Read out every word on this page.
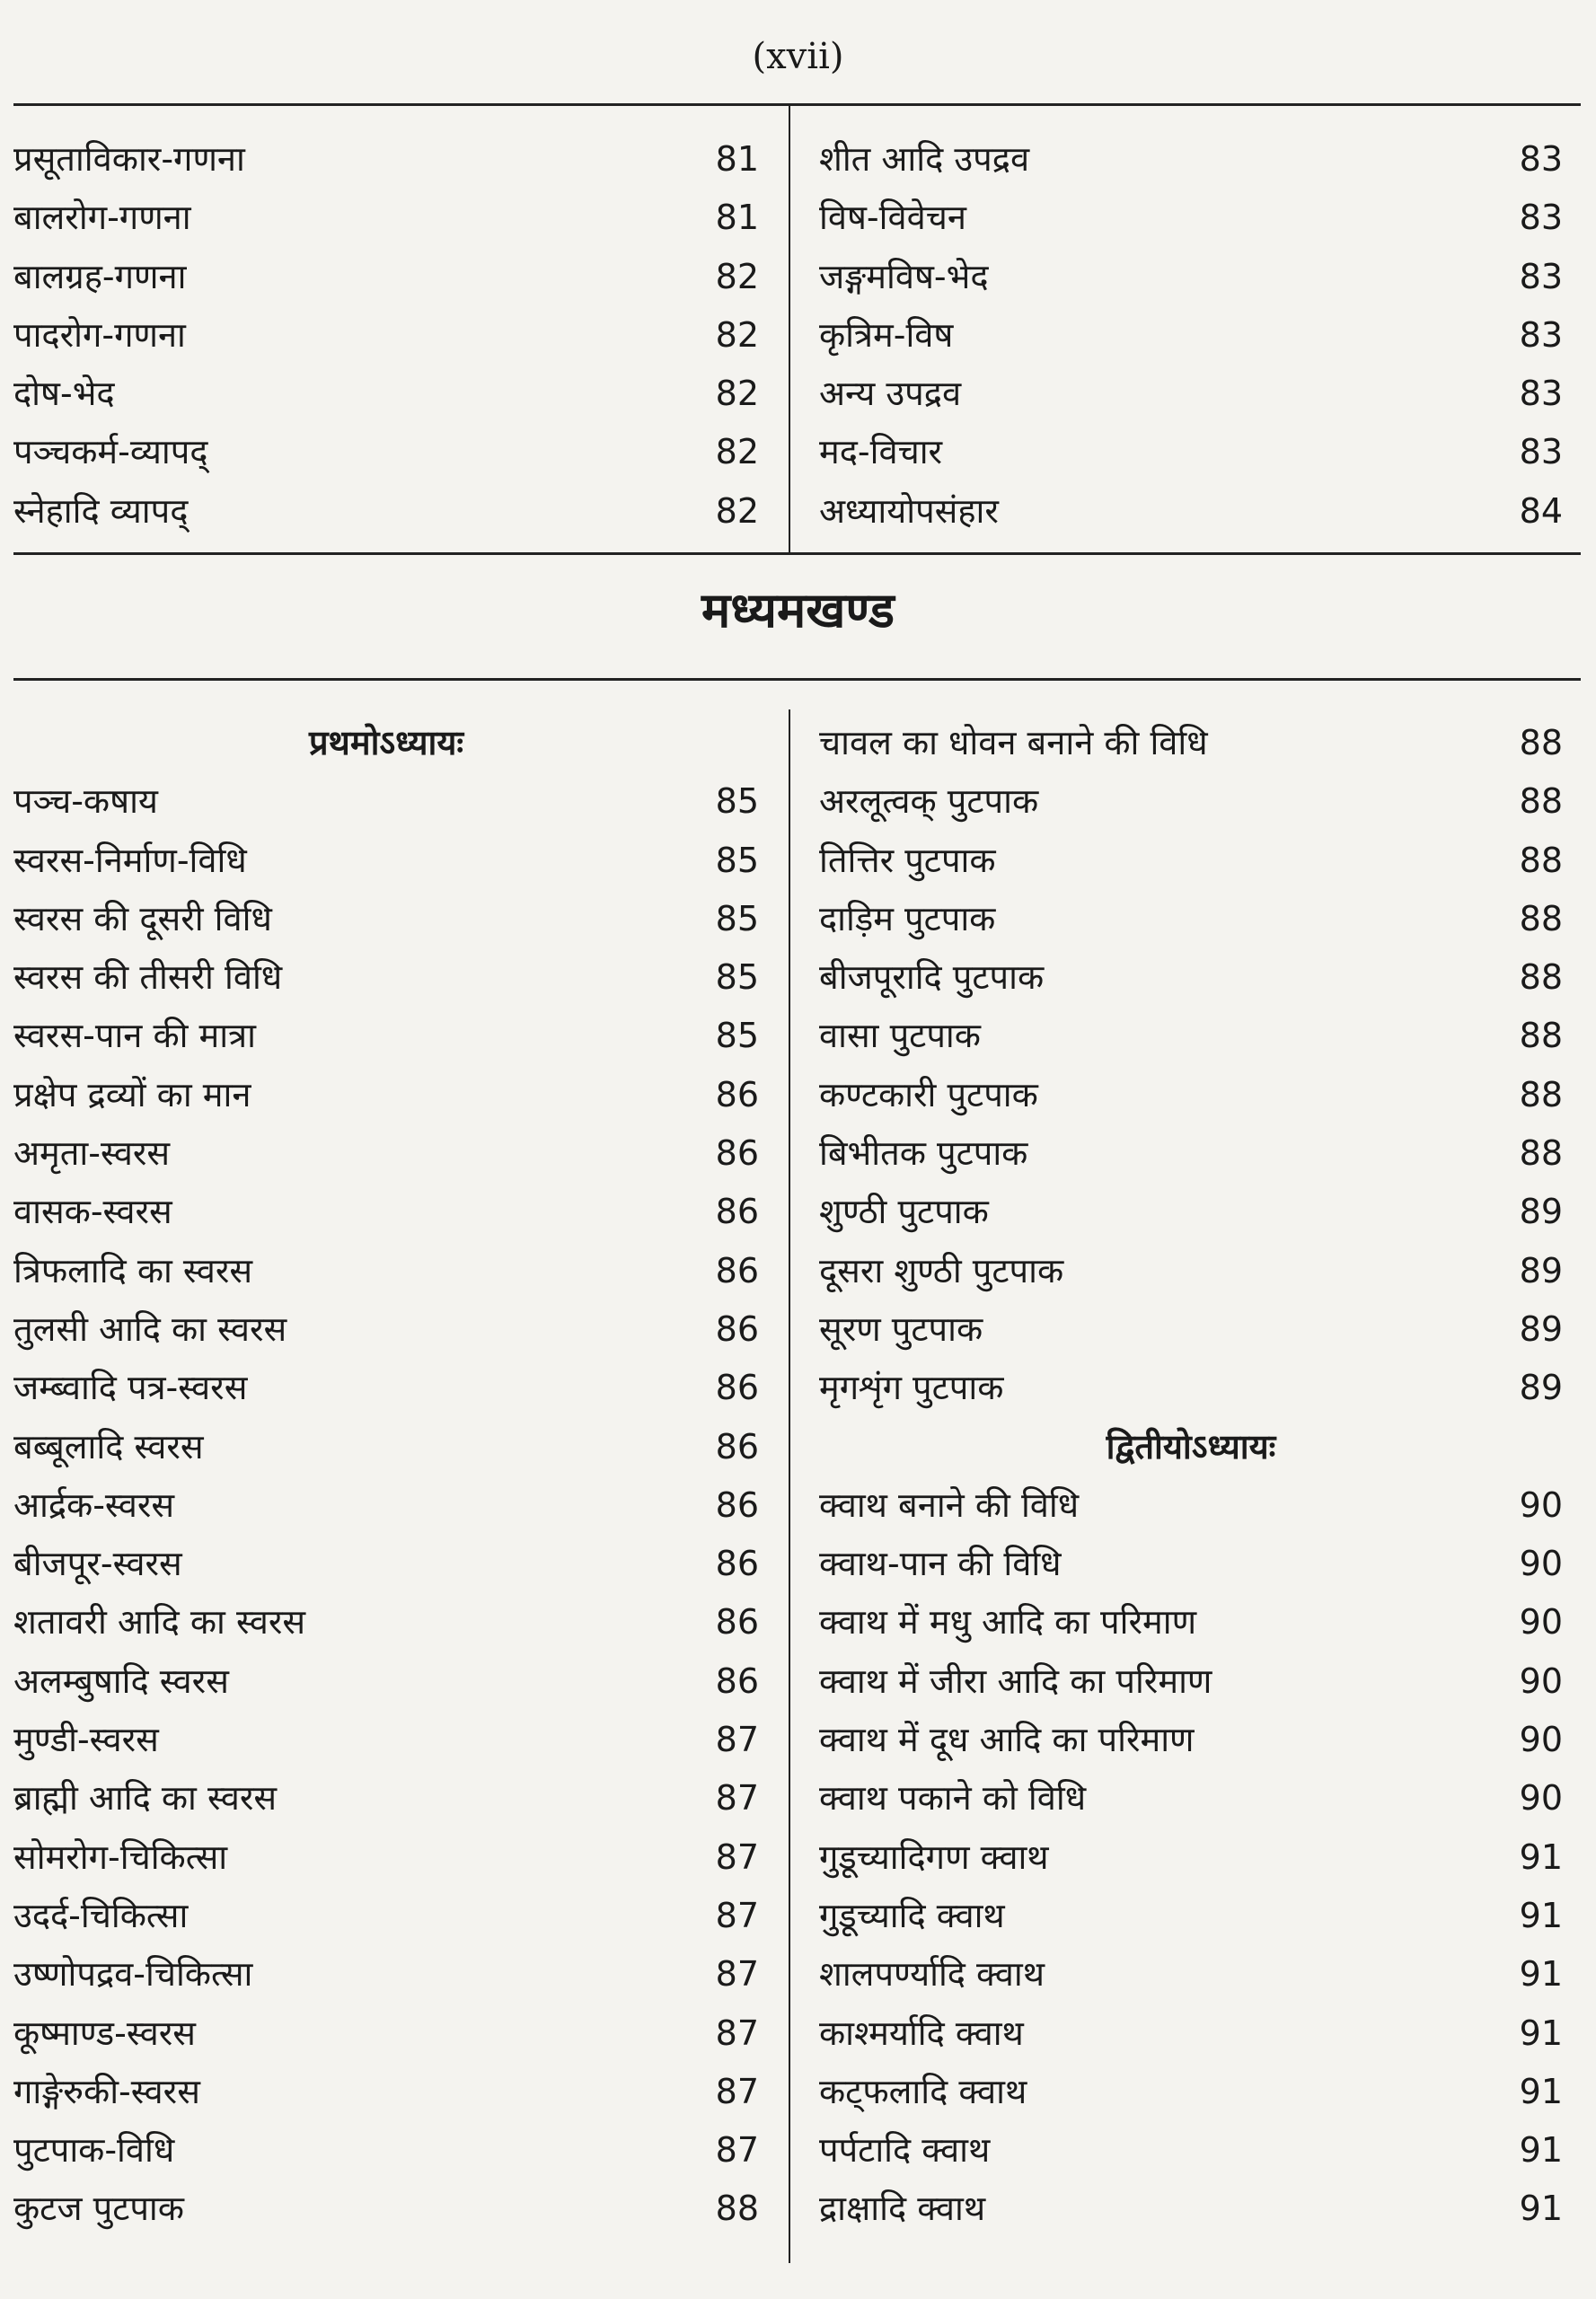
(xvii)
प्रसूताविकार-गणना	81
बालरोग-गणना	81
बालग्रह-गणना	82
पादरोग-गणना	82
दोष-भेद	82
पञ्चकर्म-व्यापद्	82
स्नेहादि व्यापद्	82
शीत आदि उपद्रव	83
विष-विवेचन	83
जङ्गमविष-भेद	83
कृत्रिम-विष	83
अन्य उपद्रव	83
मद-विचार	83
अध्यायोपसंहार	84
मध्यमखण्ड
प्रथमोऽध्यायः
पञ्च-कषाय	85
स्वरस-निर्माण-विधि	85
स्वरस की दूसरी विधि	85
स्वरस की तीसरी विधि	85
स्वरस-पान की मात्रा	85
प्रक्षेप द्रव्यों का मान	86
अमृता-स्वरस	86
वासक-स्वरस	86
त्रिफलादि का स्वरस	86
तुलसी आदि का स्वरस	86
जम्ब्वादि पत्र-स्वरस	86
बब्बूलादि स्वरस	86
आर्द्रक-स्वरस	86
बीजपूर-स्वरस	86
शतावरी आदि का स्वरस	86
अलम्बुषादि स्वरस	86
मुण्डी-स्वरस	87
ब्राह्मी आदि का स्वरस	87
सोमरोग-चिकित्सा	87
उदर्द-चिकित्सा	87
उष्णोपद्रव-चिकित्सा	87
कूष्माण्ड-स्वरस	87
गाङ्गेरुकी-स्वरस	87
पुटपाक-विधि	87
कुटज पुटपाक	88
चावल का धोवन बनाने की विधि	88
अरलूत्वक् पुटपाक	88
तित्तिर पुटपाक	88
दाड़िम पुटपाक	88
बीजपूरादि पुटपाक	88
वासा पुटपाक	88
कण्टकारी पुटपाक	88
बिभीतक पुटपाक	88
शुण्ठी पुटपाक	89
दूसरा शुण्ठी पुटपाक	89
सूरण पुटपाक	89
मृगशृंग पुटपाक	89
द्वितीयोऽध्यायः
क्वाथ बनाने की विधि	90
क्वाथ-पान की विधि	90
क्वाथ में मधु आदि का परिमाण	90
क्वाथ में जीरा आदि का परिमाण	90
क्वाथ में दूध आदि का परिमाण	90
क्वाथ पकाने को विधि	90
गुडूच्यादिगण क्वाथ	91
गुडूच्यादि क्वाथ	91
शालपर्ण्यादि क्वाथ	91
काश्मर्यादि क्वाथ	91
कट्फलादि क्वाथ	91
पर्पटादि क्वाथ	91
द्राक्षादि क्वाथ	91
